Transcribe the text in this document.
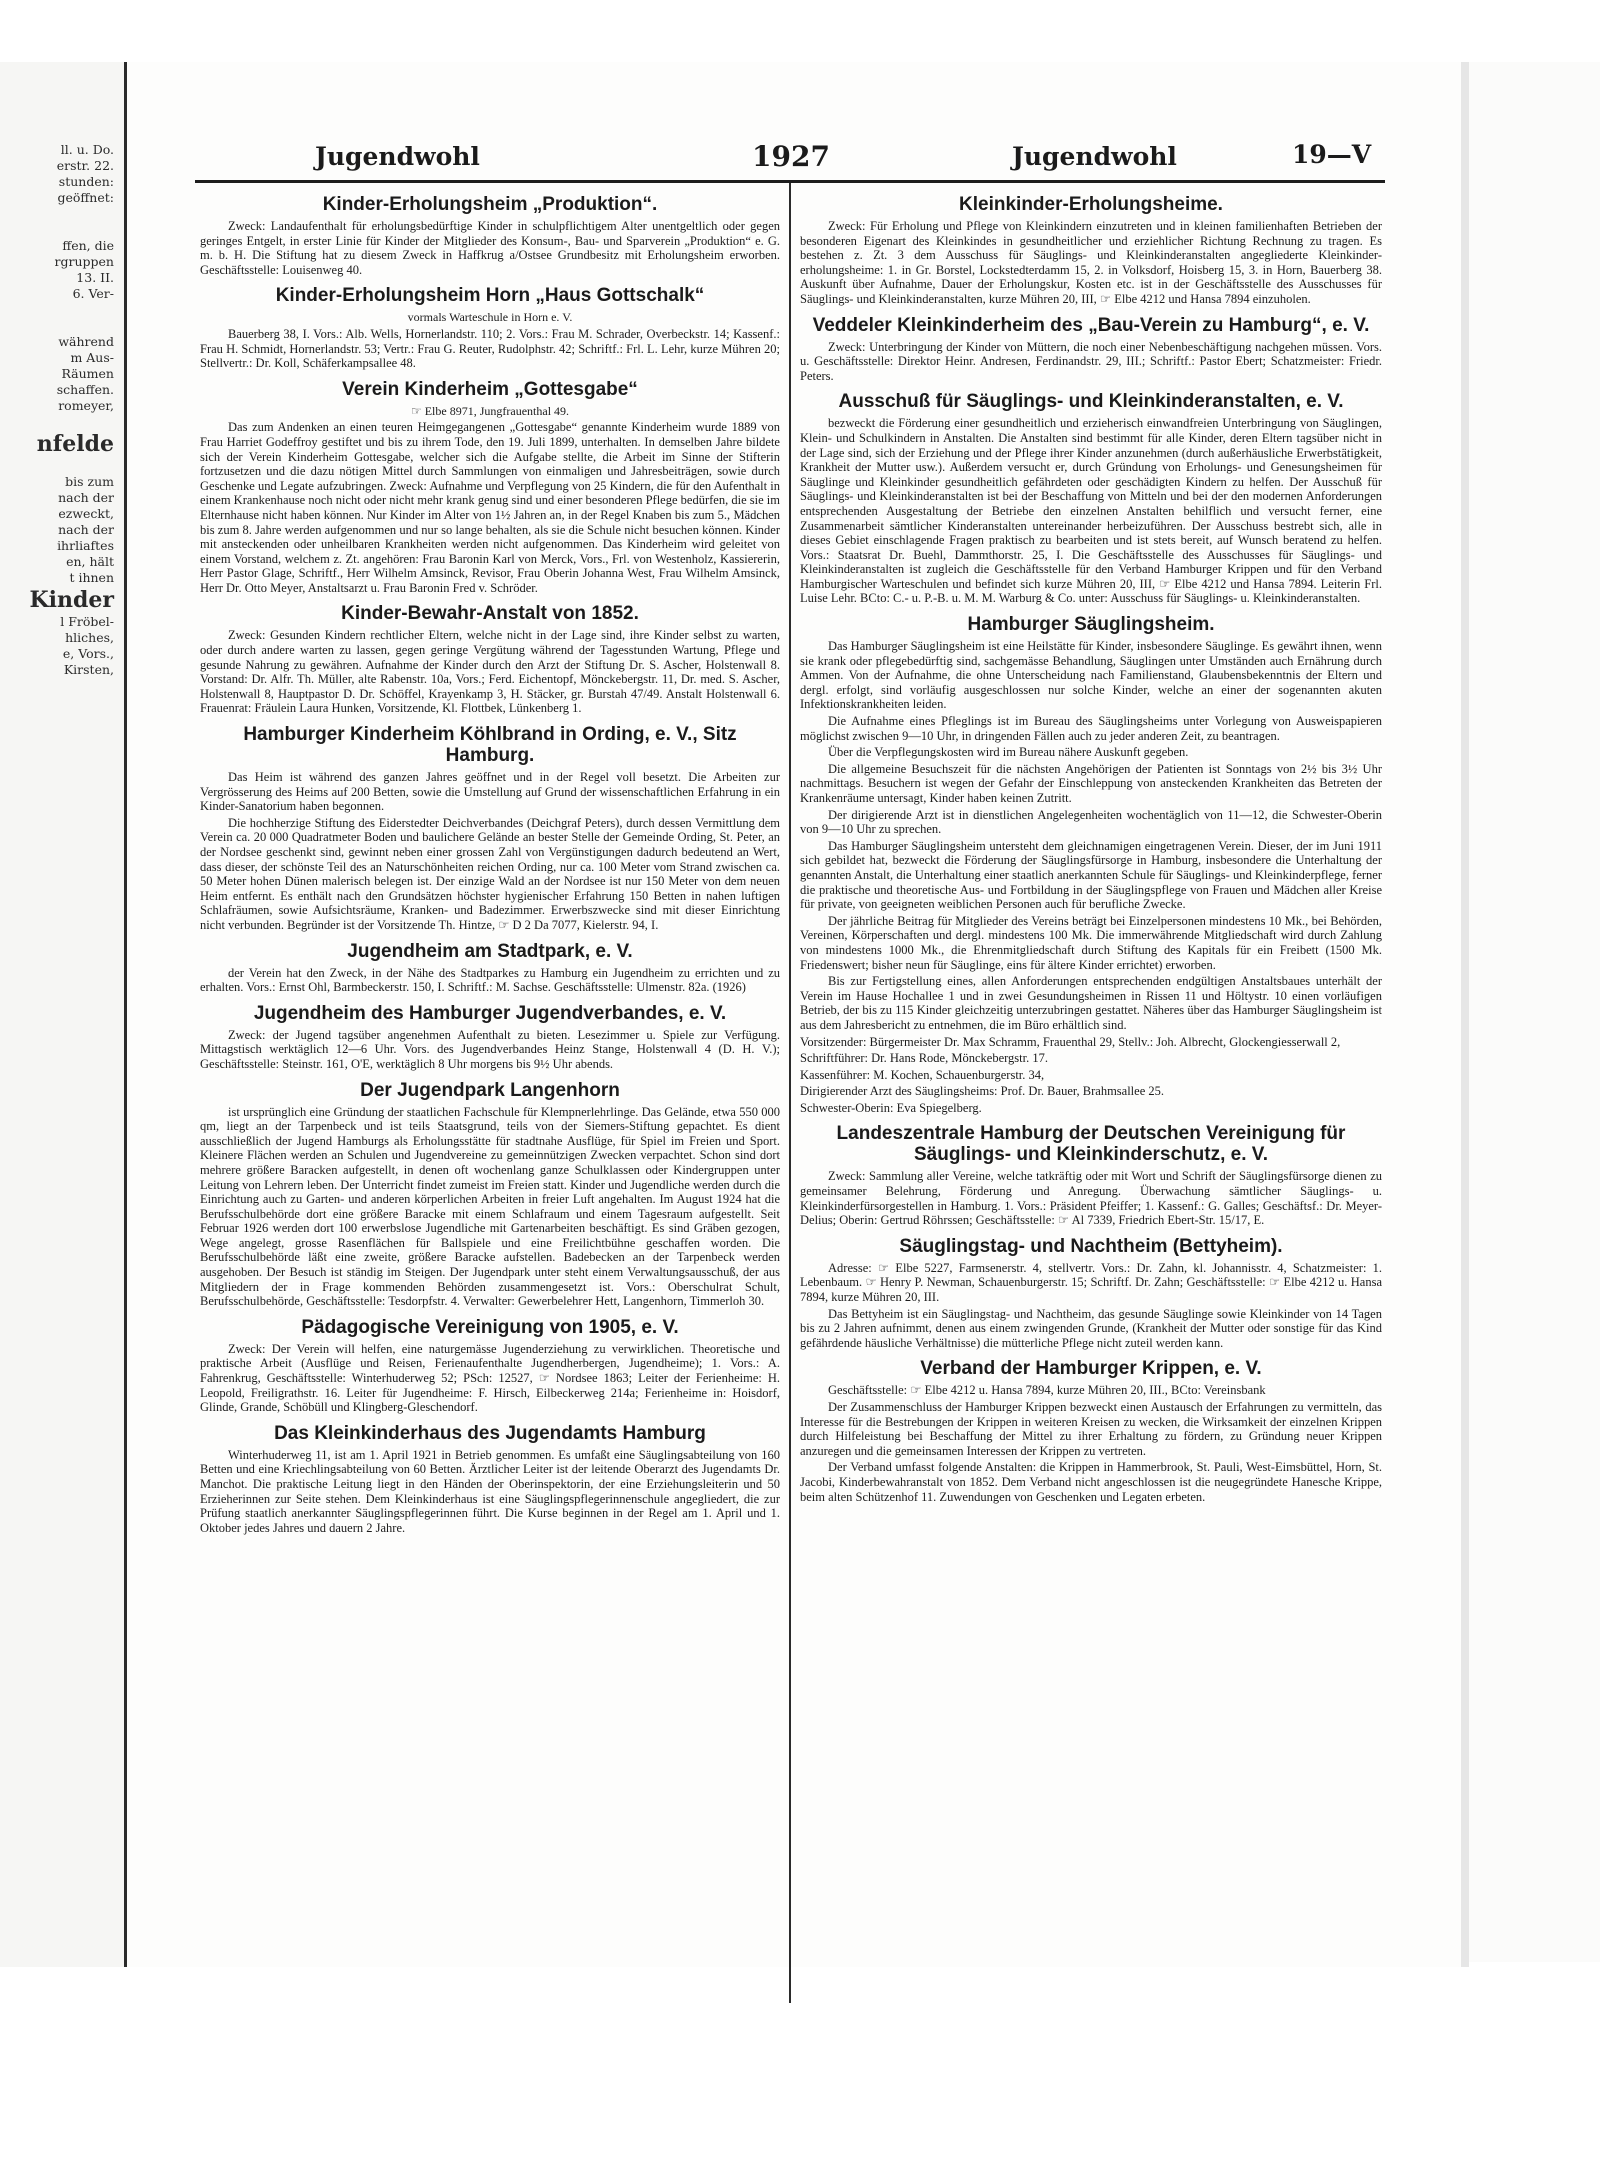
ll. u. Do.
erstr. 22.
stunden:
geöffnet:
ffen, die
rgruppen
13. II.
6. Ver-
während
m Aus-
Räumen
schaffen.
romeyer,
nfelde
bis zum
nach der
ezweckt,
nach der
ihrliaftes
en, hält
t ihnen
Kinder
l Fröbel-
hliches,
e, Vors.,
Kirsten,
Jugendwohl	1927	Jugendwohl	19—V
Kinder-Erholungsheim „Produktion“.

Zweck: Landaufenthalt für erholungsbedürftige Kinder in schulpflichtigem Alter unentgeltlich oder gegen geringes Entgelt, in erster Linie für Kinder der Mitglieder des Konsum-, Bau- und Sparverein „Produktion“ e. G. m. b. H. Die Stiftung hat zu diesem Zweck in Haffkrug a/Ostsee Grundbesitz mit Erholungsheim erworben. Geschäftsstelle: Louisenweg 40.

Kinder-Erholungsheim Horn „Haus Gottschalk“
vormals Warteschule in Horn e. V.

Bauerberg 38, I. Vors.: Alb. Wells, Hornerlandstr. 110; 2. Vors.: Frau M. Schrader, Overbeckstr. 14; Kassenf.: Frau H. Schmidt, Hornerlandstr. 53; Vertr.: Frau G. Reuter, Rudolphstr. 42; Schriftf.: Frl. L. Lehr, kurze Mühren 20; Stellvertr.: Dr. Koll, Schäferkampsallee 48.

Verein Kinderheim „Gottesgabe“
☞ Elbe 8971, Jungfrauenthal 49.

Das zum Andenken an einen teuren Heimgegangenen „Gottesgabe“ genannte Kinderheim wurde 1889 von Frau Harriet Godeffroy gestiftet und bis zu ihrem Tode, den 19. Juli 1899, unterhalten. In demselben Jahre bildete sich der Verein Kinderheim Gottesgabe, welcher sich die Aufgabe stellte, die Arbeit im Sinne der Stifterin fortzusetzen und die dazu nötigen Mittel durch Sammlungen von einmaligen und Jahresbeiträgen, sowie durch Geschenke und Legate aufzubringen. Zweck: Aufnahme und Verpflegung von 25 Kindern, die für den Aufenthalt in einem Krankenhause noch nicht oder nicht mehr krank genug sind und einer besonderen Pflege bedürfen, die sie im Elternhause nicht haben können. Nur Kinder im Alter von 1½ Jahren an, in der Regel Knaben bis zum 5., Mädchen bis zum 8. Jahre werden aufgenommen und nur so lange behalten, als sie die Schule nicht besuchen können. Kinder mit ansteckenden oder unheilbaren Krankheiten werden nicht aufgenommen. Das Kinderheim wird geleitet von einem Vorstand, welchem z. Zt. angehören: Frau Baronin Karl von Merck, Vors., Frl. von Westenholz, Kassiererin, Herr Pastor Glage, Schriftf., Herr Wilhelm Amsinck, Revisor, Frau Oberin Johanna West, Frau Wilhelm Amsinck, Herr Dr. Otto Meyer, Anstaltsarzt u. Frau Baronin Fred v. Schröder.

Kinder-Bewahr-Anstalt von 1852.

Zweck: Gesunden Kindern rechtlicher Eltern, welche nicht in der Lage sind, ihre Kinder selbst zu warten, oder durch andere warten zu lassen, gegen geringe Vergütung während der Tagesstunden Wartung, Pflege und gesunde Nahrung zu gewähren. Aufnahme der Kinder durch den Arzt der Stiftung Dr. S. Ascher, Holstenwall 8. Vorstand: Dr. Alfr. Th. Müller, alte Rabenstr. 10a, Vors.; Ferd. Eichentopf, Mönckebergstr. 11, Dr. med. S. Ascher, Holstenwall 8, Hauptpastor D. Dr. Schöffel, Krayenkamp 3, H. Stäcker, gr. Burstah 47/49. Anstalt Holstenwall 6. Frauenrat: Fräulein Laura Hunken, Vorsitzende, Kl. Flottbek, Lünkenberg 1.

Hamburger Kinderheim Köhlbrand in Ording, e. V., Sitz Hamburg.

Das Heim ist während des ganzen Jahres geöffnet und in der Regel voll besetzt. Die Arbeiten zur Vergrösserung des Heims auf 200 Betten, sowie die Umstellung auf Grund der wissenschaftlichen Erfahrung in ein Kinder-Sanatorium haben begonnen.

Die hochherzige Stiftung des Eiderstedter Deichverbandes (Deichgraf Peters), durch dessen Vermittlung dem Verein ca. 20 000 Quadratmeter Boden und baulichere Gelände an bester Stelle der Gemeinde Ording, St. Peter, an der Nordsee geschenkt sind, gewinnt neben einer grossen Zahl von Vergünstigungen dadurch bedeutend an Wert, dass dieser, der schönste Teil des an Naturschönheiten reichen Ording, nur ca. 100 Meter vom Strand zwischen ca. 50 Meter hohen Dünen malerisch belegen ist. Der einzige Wald an der Nordsee ist nur 150 Meter von dem neuen Heim entfernt. Es enthält nach den Grundsätzen höchster hygienischer Erfahrung 150 Betten in nahen luftigen Schlafräumen, sowie Aufsichtsräume, Kranken- und Badezimmer. Erwerbszwecke sind mit dieser Einrichtung nicht verbunden. Begründer ist der Vorsitzende Th. Hintze, ☞ D 2 Da 7077, Kielerstr. 94, I.

Jugendheim am Stadtpark, e. V.

der Verein hat den Zweck, in der Nähe des Stadtparkes zu Hamburg ein Jugendheim zu errichten und zu erhalten. Vors.: Ernst Ohl, Barmbeckerstr. 150, I. Schriftf.: M. Sachse. Geschäftsstelle: Ulmenstr. 82a. (1926)

Jugendheim des Hamburger Jugendverbandes, e. V.

Zweck: der Jugend tagsüber angenehmen Aufenthalt zu bieten. Lesezimmer u. Spiele zur Verfügung. Mittagstisch werktäglich 12—6 Uhr. Vors. des Jugendverbandes Heinz Stange, Holstenwall 4 (D. H. V.); Geschäftsstelle: Steinstr. 161, O'E, werktäglich 8 Uhr morgens bis 9½ Uhr abends.

Der Jugendpark Langenhorn

ist ursprünglich eine Gründung der staatlichen Fachschule für Klempnerlehrlinge. Das Gelände, etwa 550 000 qm, liegt an der Tarpenbeck und ist teils Staatsgrund, teils von der Siemers-Stiftung gepachtet. Es dient ausschließlich der Jugend Hamburgs als Erholungsstätte für stadtnahe Ausflüge, für Spiel im Freien und Sport. Kleinere Flächen werden an Schulen und Jugendvereine zu gemeinnützigen Zwecken verpachtet. Schon sind dort mehrere größere Baracken aufgestellt, in denen oft wochenlang ganze Schulklassen oder Kindergruppen unter Leitung von Lehrern leben. Der Unterricht findet zumeist im Freien statt. Kinder und Jugendliche werden durch die Einrichtung auch zu Garten- und anderen körperlichen Arbeiten in freier Luft angehalten. Im August 1924 hat die Berufsschulbehörde dort eine größere Baracke mit einem Schlafraum und einem Tagesraum aufgestellt. Seit Februar 1926 werden dort 100 erwerbslose Jugendliche mit Gartenarbeiten beschäftigt. Es sind Gräben gezogen, Wege angelegt, grosse Rasenflächen für Ballspiele und eine Freilichtbühne geschaffen worden. Die Berufsschulbehörde läßt eine zweite, größere Baracke aufstellen. Badebecken an der Tarpenbeck werden ausgehoben. Der Besuch ist ständig im Steigen. Der Jugendpark unter steht einem Verwaltungsausschuß, der aus Mitgliedern der in Frage kommenden Behörden zusammengesetzt ist. Vors.: Oberschulrat Schult, Berufsschulbehörde, Geschäftsstelle: Tesdorpfstr. 4. Verwalter: Gewerbelehrer Hett, Langenhorn, Timmerloh 30.

Pädagogische Vereinigung von 1905, e. V.

Zweck: Der Verein will helfen, eine naturgemässe Jugenderziehung zu verwirklichen. Theoretische und praktische Arbeit (Ausflüge und Reisen, Ferienaufenthalte Jugendherbergen, Jugendheime); 1. Vors.: A. Fahrenkrug, Geschäftsstelle: Winterhuderweg 52; PSch: 12527, ☞ Nordsee 1863; Leiter der Ferienheime: H. Leopold, Freiligrathstr. 16. Leiter für Jugendheime: F. Hirsch, Eilbeckerweg 214a; Ferienheime in: Hoisdorf, Glinde, Grande, Schöbüll und Klingberg-Gleschendorf.

Das Kleinkinderhaus des Jugendamts Hamburg

Winterhuderweg 11, ist am 1. April 1921 in Betrieb genommen. Es umfaßt eine Säuglingsabteilung von 160 Betten und eine Kriechlingsabteilung von 60 Betten. Ärztlicher Leiter ist der leitende Oberarzt des Jugendamts Dr. Manchot. Die praktische Leitung liegt in den Händen der Oberinspektorin, der eine Erziehungsleiterin und 50 Erzieherinnen zur Seite stehen. Dem Kleinkinderhaus ist eine Säuglingspflegerinnenschule angegliedert, die zur Prüfung staatlich anerkannter Säuglingspflegerinnen führt. Die Kurse beginnen in der Regel am 1. April und 1. Oktober jedes Jahres und dauern 2 Jahre.

Kleinkinder-Erholungsheime.

Zweck: Für Erholung und Pflege von Kleinkindern einzutreten und in kleinen familienhaften Betrieben der besonderen Eigenart des Kleinkindes in gesundheitlicher und erziehlicher Richtung Rechnung zu tragen. Es bestehen z. Zt. 3 dem Ausschuss für Säuglings- und Kleinkinderanstalten angegliederte Kleinkinder-erholungsheime: 1. in Gr. Borstel, Lockstedterdamm 15, 2. in Volksdorf, Hoisberg 15, 3. in Horn, Bauerberg 38. Auskunft über Aufnahme, Dauer der Erholungskur, Kosten etc. ist in der Geschäftsstelle des Ausschusses für Säuglings- und Kleinkinderanstalten, kurze Mühren 20, III, ☞ Elbe 4212 und Hansa 7894 einzuholen.

Veddeler Kleinkinderheim des „Bau-Verein zu Hamburg“, e. V.

Zweck: Unterbringung der Kinder von Müttern, die noch einer Nebenbeschäftigung nachgehen müssen. Vors. u. Geschäftsstelle: Direktor Heinr. Andresen, Ferdinandstr. 29, III.; Schriftf.: Pastor Ebert; Schatzmeister: Friedr. Peters.

Ausschuß für Säuglings- und Kleinkinderanstalten, e. V.

bezweckt die Förderung einer gesundheitlich und erzieherisch einwandfreien Unterbringung von Säuglingen, Klein- und Schulkindern in Anstalten. Die Anstalten sind bestimmt für alle Kinder, deren Eltern tagsüber nicht in der Lage sind, sich der Erziehung und der Pflege ihrer Kinder anzunehmen (durch außerhäusliche Erwerbstätigkeit, Krankheit der Mutter usw.). Außerdem versucht er, durch Gründung von Erholungs- und Genesungsheimen für Säuglinge und Kleinkinder gesundheitlich gefährdeten oder geschädigten Kindern zu helfen. Der Ausschuß für Säuglings- und Kleinkinderanstalten ist bei der Beschaffung von Mitteln und bei der den modernen Anforderungen entsprechenden Ausgestaltung der Betriebe den einzelnen Anstalten behilflich und versucht ferner, eine Zusammenarbeit sämtlicher Kinderanstalten untereinander herbeizuführen. Der Ausschuss bestrebt sich, alle in dieses Gebiet einschlagende Fragen praktisch zu bearbeiten und ist stets bereit, auf Wunsch beratend zu helfen. Vors.: Staatsrat Dr. Buehl, Dammthorstr. 25, I. Die Geschäftsstelle des Ausschusses für Säuglings- und Kleinkinderanstalten ist zugleich die Geschäftsstelle für den Verband Hamburger Krippen und für den Verband Hamburgischer Warteschulen und befindet sich kurze Mühren 20, III, ☞ Elbe 4212 und Hansa 7894. Leiterin Frl. Luise Lehr. BCto: C.- u. P.-B. u. M. M. Warburg & Co. unter: Ausschuss für Säuglings- u. Kleinkinderanstalten.

Hamburger Säuglingsheim.

Das Hamburger Säuglingsheim ist eine Heilstätte für Kinder, insbesondere Säuglinge. Es gewährt ihnen, wenn sie krank oder pflegebedürftig sind, sachgemässe Behandlung, Säuglingen unter Umständen auch Ernährung durch Ammen. Von der Aufnahme, die ohne Unterscheidung nach Familienstand, Glaubensbekenntnis der Eltern und dergl. erfolgt, sind vorläufig ausgeschlossen nur solche Kinder, welche an einer der sogenannten akuten Infektionskrankheiten leiden.

Die Aufnahme eines Pfleglings ist im Bureau des Säuglingsheims unter Vorlegung von Ausweispapieren möglichst zwischen 9—10 Uhr, in dringenden Fällen auch zu jeder anderen Zeit, zu beantragen.

Über die Verpflegungskosten wird im Bureau nähere Auskunft gegeben.

Die allgemeine Besuchszeit für die nächsten Angehörigen der Patienten ist Sonntags von 2½ bis 3½ Uhr nachmittags. Besuchern ist wegen der Gefahr der Einschleppung von ansteckenden Krankheiten das Betreten der Krankenräume untersagt, Kinder haben keinen Zutritt.

Der dirigierende Arzt ist in dienstlichen Angelegenheiten wochentäglich von 11—12, die Schwester-Oberin von 9—10 Uhr zu sprechen.

Das Hamburger Säuglingsheim untersteht dem gleichnamigen eingetragenen Verein. Dieser, der im Juni 1911 sich gebildet hat, bezweckt die Förderung der Säuglingsfürsorge in Hamburg, insbesondere die Unterhaltung der genannten Anstalt, die Unterhaltung einer staatlich anerkannten Schule für Säuglings- und Kleinkinderpflege, ferner die praktische und theoretische Aus- und Fortbildung in der Säuglingspflege von Frauen und Mädchen aller Kreise für private, von geeigneten weiblichen Personen auch für berufliche Zwecke.

Der jährliche Beitrag für Mitglieder des Vereins beträgt bei Einzelpersonen mindestens 10 Mk., bei Behörden, Vereinen, Körperschaften und dergl. mindestens 100 Mk. Die immerwährende Mitgliedschaft wird durch Zahlung von mindestens 1000 Mk., die Ehrenmitgliedschaft durch Stiftung des Kapitals für ein Freibett (1500 Mk. Friedenswert; bisher neun für Säuglinge, eins für ältere Kinder errichtet) erworben.

Bis zur Fertigstellung eines, allen Anforderungen entsprechenden endgültigen Anstaltsbaues unterhält der Verein im Hause Hochallee 1 und in zwei Gesundungsheimen in Rissen 11 und Höltystr. 10 einen vorläufigen Betrieb, der bis zu 115 Kinder gleichzeitig unterzubringen gestattet. Näheres über das Hamburger Säuglingsheim ist aus dem Jahresbericht zu entnehmen, die im Büro erhältlich sind.

Vorsitzender: Bürgermeister Dr. Max Schramm, Frauenthal 29, Stellv.: Joh. Albrecht, Glockengiesserwall 2,

Schriftführer: Dr. Hans Rode, Mönckebergstr. 17.

Kassenführer: M. Kochen, Schauenburgerstr. 34,

Dirigierender Arzt des Säuglingsheims: Prof. Dr. Bauer, Brahmsallee 25.

Schwester-Oberin: Eva Spiegelberg.

Landeszentrale Hamburg der Deutschen Vereinigung für Säuglings- und Kleinkinderschutz, e. V.

Zweck: Sammlung aller Vereine, welche tatkräftig oder mit Wort und Schrift der Säuglingsfürsorge dienen zu gemeinsamer Belehrung, Förderung und Anregung. Überwachung sämtlicher Säuglings- u. Kleinkinderfürsorgestellen in Hamburg. 1. Vors.: Präsident Pfeiffer; 1. Kassenf.: G. Galles; Geschäftsf.: Dr. Meyer-Delius; Oberin: Gertrud Röhrssen; Geschäftsstelle: ☞ Al 7339, Friedrich Ebert-Str. 15/17, E.

Säuglingstag- und Nachtheim (Bettyheim).

Adresse: ☞ Elbe 5227, Farmsenerstr. 4, stellvertr. Vors.: Dr. Zahn, kl. Johannisstr. 4, Schatzmeister: 1. Lebenbaum. ☞ Henry P. Newman, Schauenburgerstr. 15; Schriftf. Dr. Zahn; Geschäftsstelle: ☞ Elbe 4212 u. Hansa 7894, kurze Mühren 20, III.

Das Bettyheim ist ein Säuglingstag- und Nachtheim, das gesunde Säuglinge sowie Kleinkinder von 14 Tagen bis zu 2 Jahren aufnimmt, denen aus einem zwingenden Grunde, (Krankheit der Mutter oder sonstige für das Kind gefährdende häusliche Verhältnisse) die mütterliche Pflege nicht zuteil werden kann.

Verband der Hamburger Krippen, e. V.

Geschäftsstelle: ☞ Elbe 4212 u. Hansa 7894, kurze Mühren 20, III., BCto: Vereinsbank

Der Zusammenschluss der Hamburger Krippen bezweckt einen Austausch der Erfahrungen zu vermitteln, das Interesse für die Bestrebungen der Krippen in weiteren Kreisen zu wecken, die Wirksamkeit der einzelnen Krippen durch Hilfeleistung bei Beschaffung der Mittel zu ihrer Erhaltung zu fördern, zu Gründung neuer Krippen anzuregen und die gemeinsamen Interessen der Krippen zu vertreten.

Der Verband umfasst folgende Anstalten: die Krippen in Hammerbrook, St. Pauli, West-Eimsbüttel, Horn, St. Jacobi, Kinderbewahranstalt von 1852. Dem Verband nicht angeschlossen ist die neugegründete Hanesche Krippe, beim alten Schützenhof 11. Zuwendungen von Geschenken und Legaten erbeten.
